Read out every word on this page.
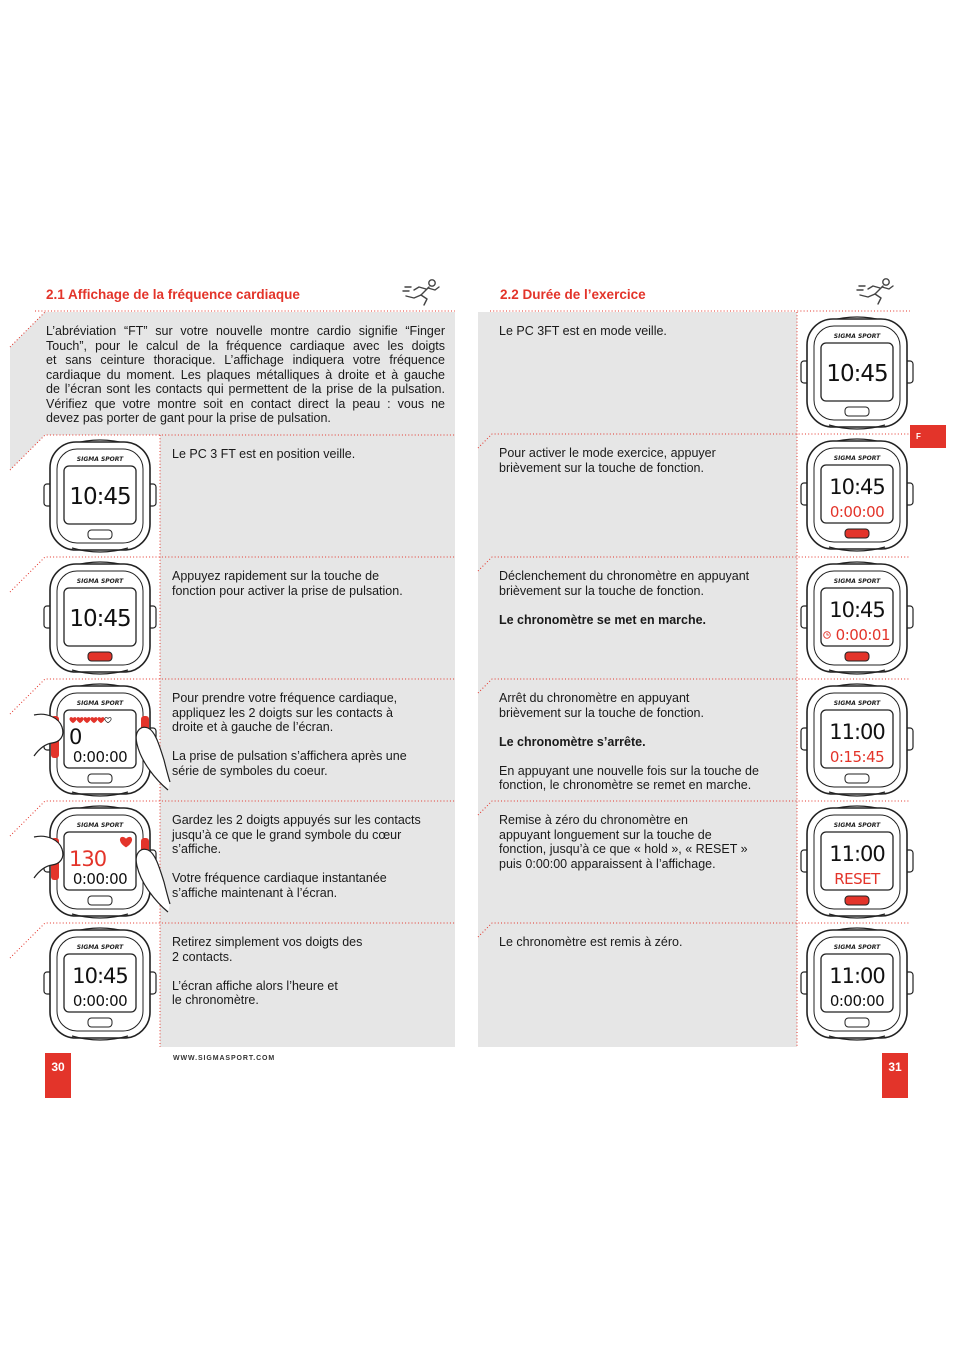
2.1 Affichage de la fréquence cardiaque
L’abréviation “FT” sur votre nouvelle montre cardio signifie “Finger
Touch”, pour le calcul de la fréquence cardiaque avec les doigts
et sans ceinture thoracique. L’affichage indiquera votre fréquence
cardiaque du moment. Les plaques métalliques à droite et à gauche
de l’écran sont les contacts qui permettent de la prise de la pulsation.
Vérifiez que votre montre soit en contact direct la peau : vous ne
devez pas porter de gant pour la prise de pulsation.
Le PC 3 FT est en position veille.
SIGMA SPORT
10:45
Appuyez rapidement sur la touche de
fonction pour activer la prise de pulsation.
SIGMA SPORT
10:45
Pour prendre votre fréquence cardiaque,
appliquez les 2 doigts sur les contacts à
droite et à gauche de l’écran.
La prise de pulsation s’affichera après une
série de symboles du coeur.
SIGMA SPORT
0
0:00:00
Gardez les 2 doigts appuyés sur les contacts
jusqu’à ce que le grand symbole du cœur
s’affiche.
Votre fréquence cardiaque instantanée
s’affiche maintenant à l’écran.
SIGMA SPORT
130
0:00:00
Retirez simplement vos doigts des
2 contacts.
L’écran affiche alors l’heure et
le chronomètre.
SIGMA SPORT
10:45
0:00:00
30
WWW.SIGMASPORT.COM
2.2 Durée de l’exercice
F
Le PC 3FT est en mode veille.	SIGMA SPORT
10:45
Pour activer le mode exercice, appuyer
brièvement sur la touche de fonction.
SIGMA SPORT
10:45
0:00:00
Déclenchement du chronomètre en appuyant
brièvement sur la touche de fonction.
Le chronomètre se met en marche.
SIGMA SPORT
10:45
0:00:01
Arrêt du chronomètre en appuyant
brièvement sur la touche de fonction.
Le chronomètre s’arrête.
En appuyant une nouvelle fois sur la touche de
fonction, le chronomètre se remet en marche.
SIGMA SPORT
11:00
0:15:45
Remise à zéro du chronomètre en
appuyant longuement sur la touche de
fonction, jusqu’à ce que « hold », « RESET »
puis 0:00:00 apparaissent à l’affichage.
SIGMA SPORT
11:00
RESET
Le chronomètre est remis à zéro.	SIGMA SPORT
11:00
0:00:00
31
